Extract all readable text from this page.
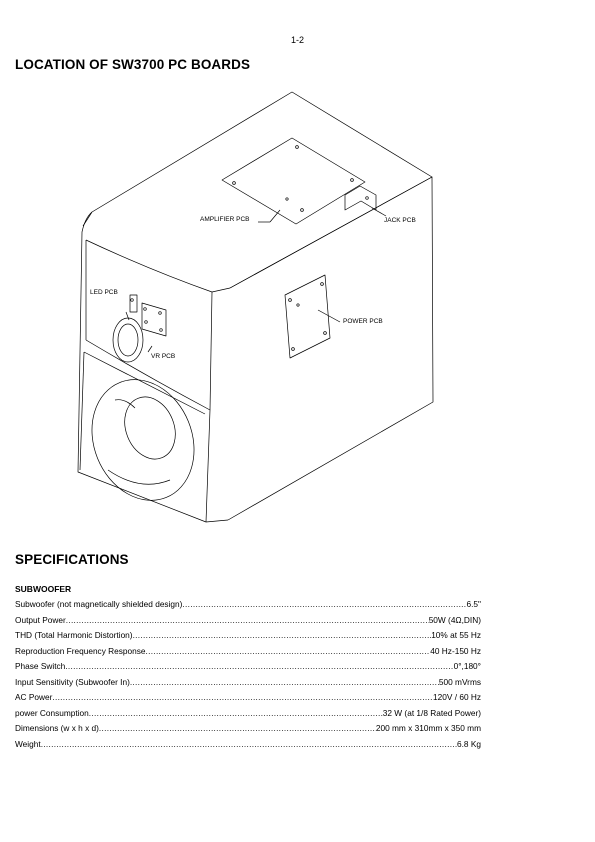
1-2
LOCATION OF SW3700 PC BOARDS
AMPLIFIER PCB	JACK PCB
LED PCB
POWER PCB
VR PCB
SPECIFICATIONS
SUBWOOFER
Subwoofer (not magnetically shielded design) .....	6.5"
Output Power .....	50W (4Ω,DIN)
THD (Total Harmonic Distortion) .....	10% at 55 Hz
Reproduction Frequency Response .....	40 Hz-150 Hz
Phase Switch .....	0°,180°
Input Sensitivity (Subwoofer In) .....	500 mVrms
AC Power .....	120V / 60 Hz
power Consumption .....	32 W (at 1/8 Rated Power)
Dimensions (w x h x d) .....	200 mm x 310mm x 350 mm
Weight .....	6.8 Kg
